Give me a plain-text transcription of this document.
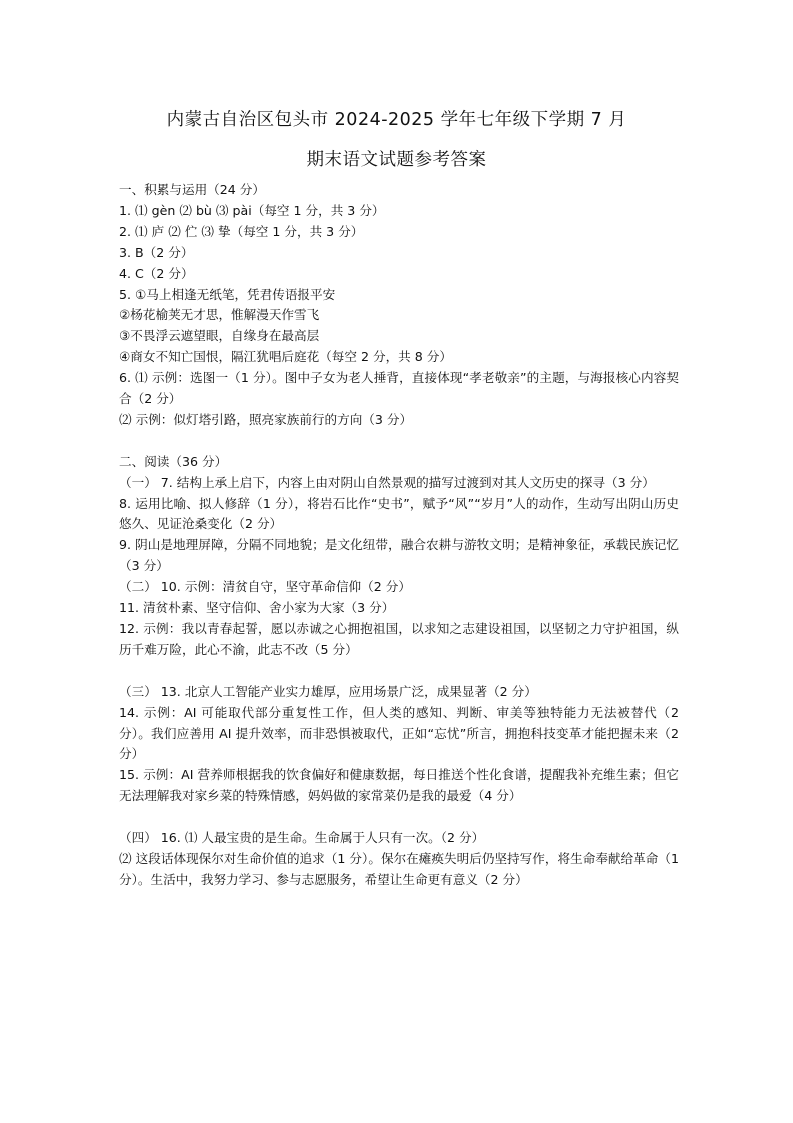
内蒙古自治区包头市 2024-2025 学年七年级下学期 7 月
期末语文试题参考答案
一、积累与运用（24 分）
1. ⑴ gèn ⑵ bù ⑶ pài（每空 1 分，共 3 分）
2. ⑴ 庐 ⑵ 伫 ⑶ 挚（每空 1 分，共 3 分）
3. B（2 分）
4. C（2 分）
5. ①马上相逢无纸笔，凭君传语报平安
②杨花榆荚无才思，惟解漫天作雪飞
③不畏浮云遮望眼，自缘身在最高层
④商女不知亡国恨，隔江犹唱后庭花（每空 2 分，共 8 分）
6. ⑴ 示例：选图一（1 分）。图中子女为老人捶背，直接体现“孝老敬亲”的主题，与海报核心内容契合（2 分）
⑵ 示例：似灯塔引路，照亮家族前行的方向（3 分）
二、阅读（36 分）
（一） 7. 结构上承上启下，内容上由对阴山自然景观的描写过渡到对其人文历史的探寻（3 分）
8. 运用比喻、拟人修辞（1 分），将岩石比作“史书”，赋予“风”“岁月”人的动作，生动写出阴山历史悠久、见证沧桑变化（2 分）
9. 阴山是地理屏障，分隔不同地貌；是文化纽带，融合农耕与游牧文明；是精神象征，承载民族记忆（3 分）
（二） 10. 示例：清贫自守，坚守革命信仰（2 分）
11. 清贫朴素、坚守信仰、舍小家为大家（3 分）
12. 示例：我以青春起誓，愿以赤诚之心拥抱祖国，以求知之志建设祖国，以坚韧之力守护祖国，纵历千难万险，此心不渝，此志不改（5 分）
（三） 13. 北京人工智能产业实力雄厚，应用场景广泛，成果显著（2 分）
14. 示例：AI 可能取代部分重复性工作，但人类的感知、判断、审美等独特能力无法被替代（2 分）。我们应善用 AI 提升效率，而非恐惧被取代，正如“忘忧”所言，拥抱科技变革才能把握未来（2 分）
15. 示例：AI 营养师根据我的饮食偏好和健康数据，每日推送个性化食谱，提醒我补充维生素；但它无法理解我对家乡菜的特殊情感，妈妈做的家常菜仍是我的最爱（4 分）
（四） 16. ⑴ 人最宝贵的是生命。生命属于人只有一次。（2 分）
⑵ 这段话体现保尔对生命价值的追求（1 分）。保尔在瘫痪失明后仍坚持写作，将生命奉献给革命（1 分）。生活中，我努力学习、参与志愿服务，希望让生命更有意义（2 分）
